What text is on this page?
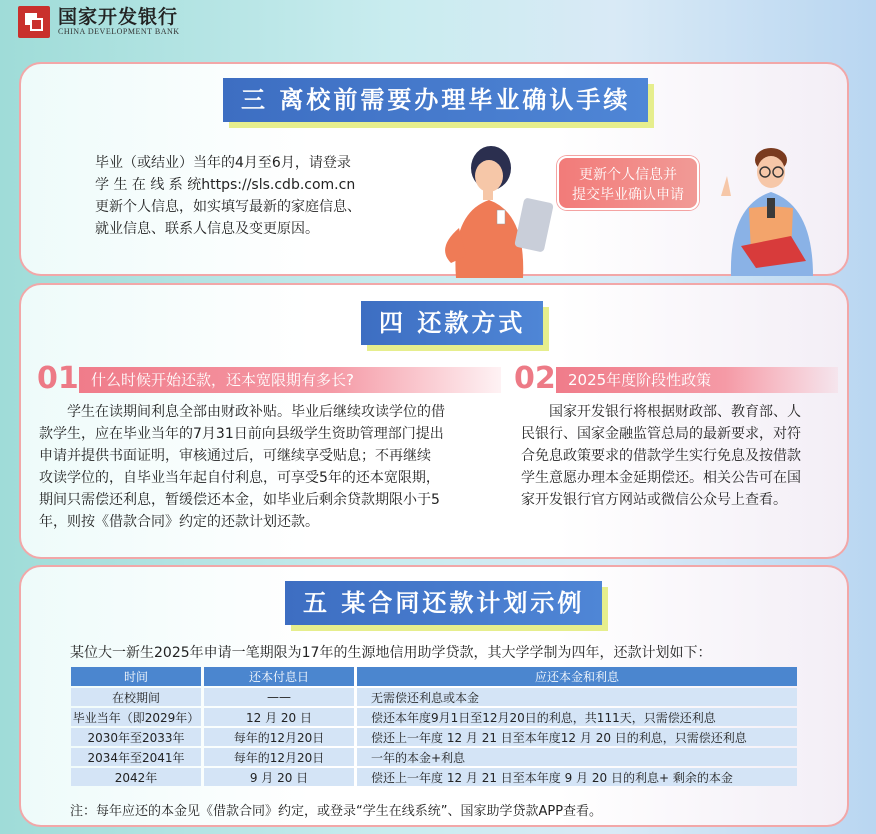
国家开发银行
CHINA DEVELOPMENT BANK
三 离校前需要办理毕业确认手续
毕业（或结业）当年的4月至6月，请登录
学 生 在 线 系 统https://sls.cdb.com.cn
更新个人信息，如实填写最新的家庭信息、
就业信息、联系人信息及变更原因。
更新个人信息并
提交毕业确认申请
四 还款方式
01 什么时候开始还款，还本宽限期有多长?
学生在读期间利息全部由财政补贴。毕业后继续攻读学位的借
款学生，应在毕业当年的7月31日前向县级学生资助管理部门提出
申请并提供书面证明，审核通过后，可继续享受贴息；不再继续
攻读学位的，自毕业当年起自付利息，可享受5年的还本宽限期，
期间只需偿还利息，暂缓偿还本金，如毕业后剩余贷款期限小于5
年，则按《借款合同》约定的还款计划还款。
02 2025年度阶段性政策
国家开发银行将根据财政部、教育部、人
民银行、国家金融监管总局的最新要求，对符
合免息政策要求的借款学生实行免息及按借款
学生意愿办理本金延期偿还。相关公告可在国
家开发银行官方网站或微信公众号上查看。
五 某合同还款计划示例
某位大一新生2025年申请一笔期限为17年的生源地信用助学贷款，其大学学制为四年，还款计划如下：
时间	还本付息日	应还本金和利息
在校期间	——	无需偿还利息或本金
毕业当年（即2029年）	12 月 20 日	偿还本年度9月1日至12月20日的利息，共111天，只需偿还利息
2030年至2033年	每年的12月20日	偿还上一年度 12 月 21 日至本年度12 月 20 日的利息，只需偿还利息
2034年至2041年	每年的12月20日	一年的本金+利息
2042年	9 月 20 日	偿还上一年度 12 月 21 日至本年度 9 月 20 日的利息+ 剩余的本金
注：每年应还的本金见《借款合同》约定，或登录“学生在线系统”、国家助学贷款APP查看。
